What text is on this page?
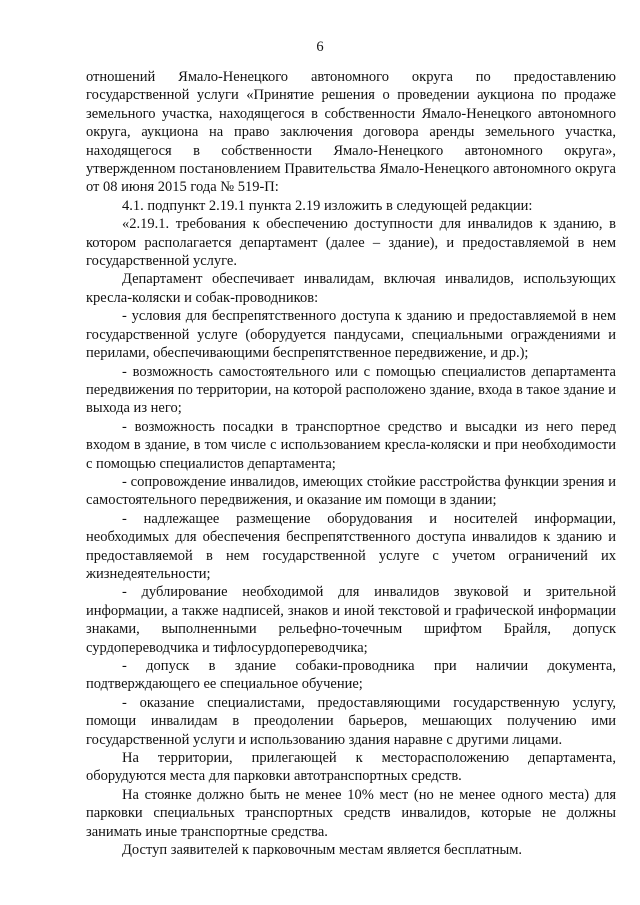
6

отношений Ямало-Ненецкого автономного округа по предоставлению государственной услуги «Принятие решения о проведении аукциона по продаже земельного участка, находящегося в собственности Ямало-Ненецкого автономного округа, аукциона на право заключения договора аренды земельного участка, находящегося в собственности Ямало-Ненецкого автономного округа», утвержденном постановлением Правительства Ямало-Ненецкого автономного округа от 08 июня 2015 года № 519-П:

4.1. подпункт 2.19.1 пункта 2.19 изложить в следующей редакции:

«2.19.1. требования к обеспечению доступности для инвалидов к зданию, в котором располагается департамент (далее – здание), и предоставляемой в нем государственной услуге.

Департамент обеспечивает инвалидам, включая инвалидов, использующих кресла-коляски и собак-проводников:

- условия для беспрепятственного доступа к зданию и предоставляемой в нем государственной услуге (оборудуется пандусами, специальными ограждениями и перилами, обеспечивающими беспрепятственное передвижение, и др.);

- возможность самостоятельного или с помощью специалистов департамента передвижения по территории, на которой расположено здание, входа в такое здание и выхода из него;

- возможность посадки в транспортное средство и высадки из него перед входом в здание, в том числе с использованием кресла-коляски и при необходимости с помощью специалистов департамента;

- сопровождение инвалидов, имеющих стойкие расстройства функции зрения и самостоятельного передвижения, и оказание им помощи в здании;

- надлежащее размещение оборудования и носителей информации, необходимых для обеспечения беспрепятственного доступа инвалидов к зданию и предоставляемой в нем государственной услуге с учетом ограничений их жизнедеятельности;

- дублирование необходимой для инвалидов звуковой и зрительной информации, а также надписей, знаков и иной текстовой и графической информации знаками, выполненными рельефно-точечным шрифтом Брайля, допуск сурдопереводчика и тифлосурдопереводчика;

- допуск в здание собаки-проводника при наличии документа, подтверждающего ее специальное обучение;

- оказание специалистами, предоставляющими государственную услугу, помощи инвалидам в преодолении барьеров, мешающих получению ими государственной услуги и использованию здания наравне с другими лицами.

На территории, прилегающей к месторасположению департамента, оборудуются места для парковки автотранспортных средств.

На стоянке должно быть не менее 10% мест (но не менее одного места) для парковки специальных транспортных средств инвалидов, которые не должны занимать иные транспортные средства.

Доступ заявителей к парковочным местам является бесплатным.
